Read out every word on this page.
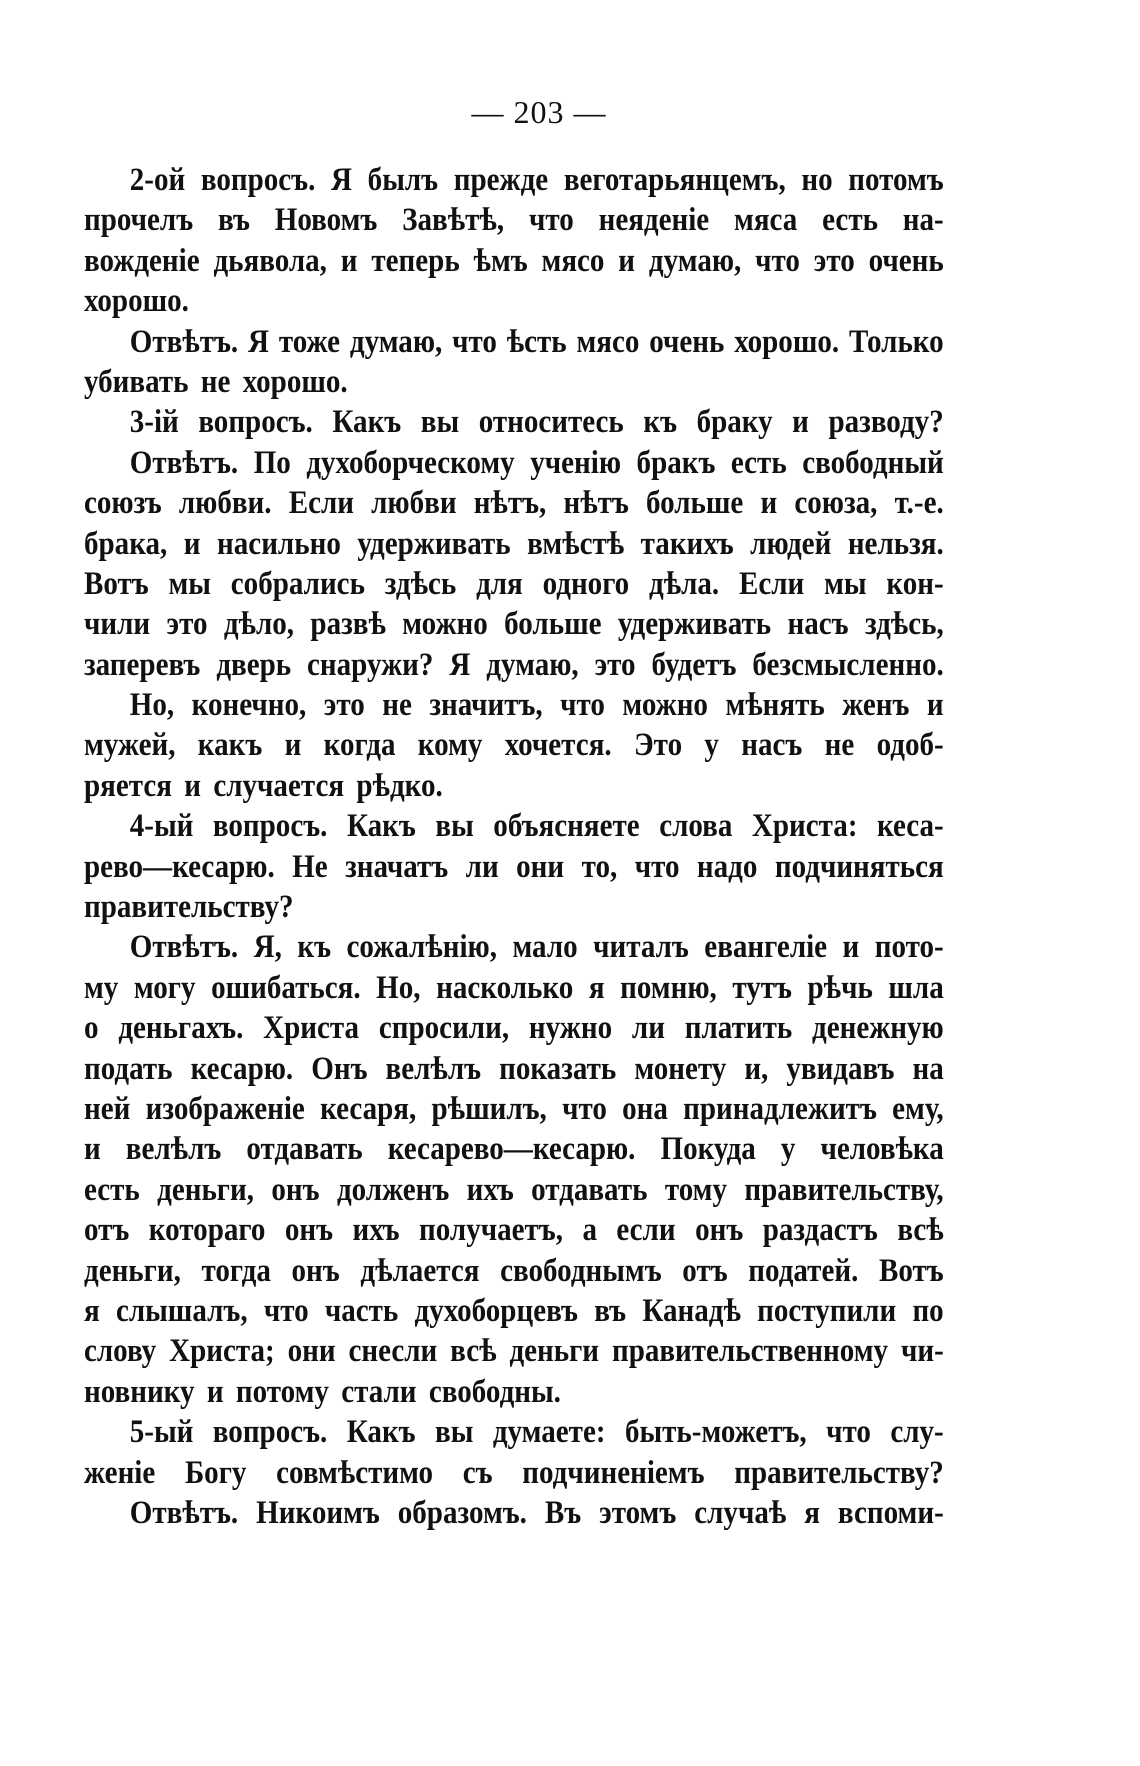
— 203 —
2-ой вопросъ. Я былъ прежде веготарьянцемъ, но потомъ
прочелъ въ Новомъ Завѣтѣ, что неяденіе мяса есть на-
вожденіе дьявола, и теперь ѣмъ мясо и думаю, что это очень
хорошо.
Отвѣтъ. Я тоже думаю, что ѣсть мясо очень хорошо. Только
убивать не хорошо.
3-ій вопросъ. Какъ вы относитесь къ браку и разводу?
Отвѣтъ. По духоборческому ученію бракъ есть свободный
союзъ любви. Если любви нѣтъ, нѣтъ больше и союза, т.-е.
брака, и насильно удерживать вмѣстѣ такихъ людей нельзя.
Вотъ мы собрались здѣсь для одного дѣла. Если мы кон-
чили это дѣло, развѣ можно больше удерживать насъ здѣсь,
заперевъ дверь снаружи? Я думаю, это будетъ безсмысленно.
Но, конечно, это не значитъ, что можно мѣнять женъ и
мужей, какъ и когда кому хочется. Это у насъ не одоб-
ряется и случается рѣдко.
4-ый вопросъ. Какъ вы объясняете слова Христа: кеса-
рево—кесарю. Не значатъ ли они то, что надо подчиняться
правительству?
Отвѣтъ. Я, къ сожалѣнію, мало читалъ евангеліе и пото-
му могу ошибаться. Но, насколько я помню, тутъ рѣчь шла
о деньгахъ. Христа спросили, нужно ли платить денежную
подать кесарю. Онъ велѣлъ показать монету и, увидавъ на
ней изображеніе кесаря, рѣшилъ, что она принадлежитъ ему,
и велѣлъ отдавать кесарево—кесарю. Покуда у человѣка
есть деньги, онъ долженъ ихъ отдавать тому правительству,
отъ котораго онъ ихъ получаетъ, а если онъ раздастъ всѣ
деньги, тогда онъ дѣлается свободнымъ отъ податей. Вотъ
я слышалъ, что часть духоборцевъ въ Канадѣ поступили по
слову Христа; они снесли всѣ деньги правительственному чи-
новнику и потому стали свободны.
5-ый вопросъ. Какъ вы думаете: быть-можетъ, что слу-
женіе Богу совмѣстимо съ подчиненіемъ правительству?
Отвѣтъ. Никоимъ образомъ. Въ этомъ случаѣ я вспоми-
